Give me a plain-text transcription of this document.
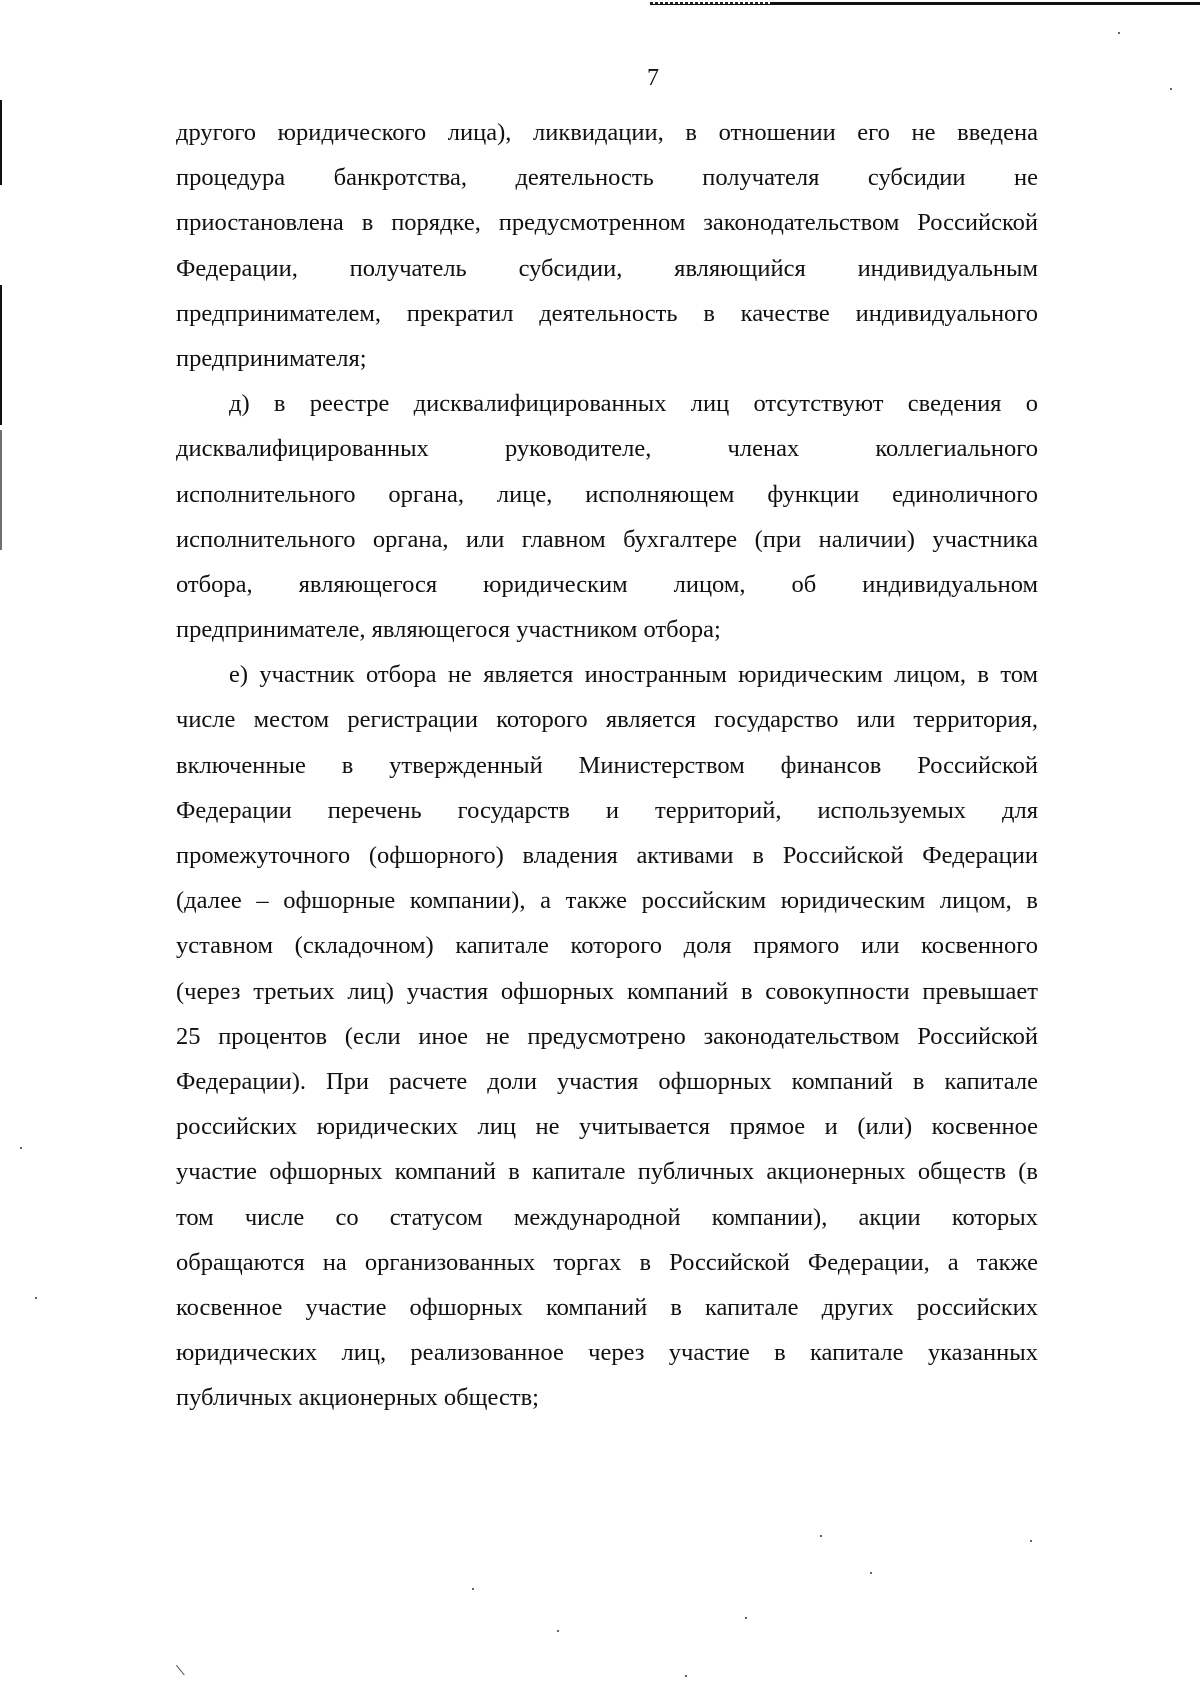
7
другого юридического лица), ликвидации, в отношении его не введена
процедура банкротства, деятельность получателя субсидии не
приостановлена в порядке, предусмотренном законодательством Российской
Федерации, получатель субсидии, являющийся индивидуальным
предпринимателем, прекратил деятельность в качестве индивидуального
предпринимателя;
д) в реестре дисквалифицированных лиц отсутствуют сведения о
дисквалифицированных руководителе, членах коллегиального
исполнительного органа, лице, исполняющем функции единоличного
исполнительного органа, или главном бухгалтере (при наличии) участника
отбора, являющегося юридическим лицом, об индивидуальном
предпринимателе, являющегося участником отбора;
е) участник отбора не является иностранным юридическим лицом, в том
числе местом регистрации которого является государство или территория,
включенные в утвержденный Министерством финансов Российской
Федерации перечень государств и территорий, используемых для
промежуточного (офшорного) владения активами в Российской Федерации
(далее – офшорные компании), а также российским юридическим лицом, в
уставном (складочном) капитале которого доля прямого или косвенного
(через третьих лиц) участия офшорных компаний в совокупности превышает
25 процентов (если иное не предусмотрено законодательством Российской
Федерации). При расчете доли участия офшорных компаний в капитале
российских юридических лиц не учитывается прямое и (или) косвенное
участие офшорных компаний в капитале публичных акционерных обществ (в
том числе со статусом международной компании), акции которых
обращаются на организованных торгах в Российской Федерации, а также
косвенное участие офшорных компаний в капитале других российских
юридических лиц, реализованное через участие в капитале указанных
публичных акционерных обществ;
\
